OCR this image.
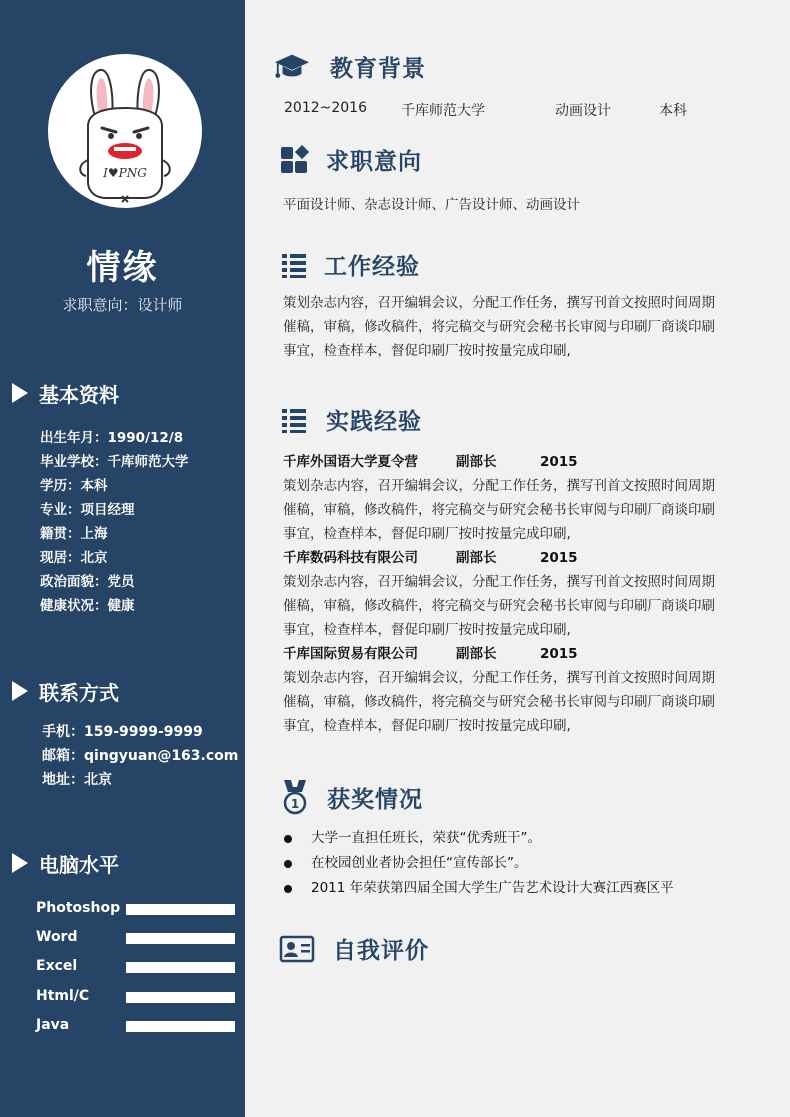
I♥PNG
情缘
求职意向：设计师
基本资料
出生年月：1990/12/8
毕业学校：千库师范大学
学历：本科
专业：项目经理
籍贯：上海
现居：北京
政治面貌：党员
健康状况：健康
联系方式
手机：159-9999-9999
邮箱：qingyuan@163.com
地址：北京
电脑水平
Photoshop
Word
Excel
Html/C
Java
教育背景
2012~2016 千库师范大学	动画设计	本科
求职意向
平面设计师、杂志设计师、广告设计师、动画设计
工作经验
策划杂志内容，召开编辑会议，分配工作任务，撰写刊首文按照时间周期
催稿，审稿，修改稿件，将完稿交与研究会秘书长审阅与印刷厂商谈印刷
事宜，检查样本，督促印刷厂按时按量完成印刷,
实践经验
千库外国语大学夏令营	副部长	2015
策划杂志内容，召开编辑会议，分配工作任务，撰写刊首文按照时间周期
催稿，审稿，修改稿件，将完稿交与研究会秘书长审阅与印刷厂商谈印刷
事宜，检查样本，督促印刷厂按时按量完成印刷,
千库数码科技有限公司	副部长	2015
策划杂志内容，召开编辑会议，分配工作任务，撰写刊首文按照时间周期
催稿，审稿，修改稿件，将完稿交与研究会秘书长审阅与印刷厂商谈印刷
事宜，检查样本，督促印刷厂按时按量完成印刷,
千库国际贸易有限公司	副部长	2015
策划杂志内容，召开编辑会议，分配工作任务，撰写刊首文按照时间周期
催稿，审稿，修改稿件，将完稿交与研究会秘书长审阅与印刷厂商谈印刷
事宜，检查样本，督促印刷厂按时按量完成印刷,
1 获奖情况
大学一直担任班长，荣获“优秀班干”。
在校园创业者协会担任“宣传部长”。
2011 年荣获第四届全国大学生广告艺术设计大赛江西赛区平
自我评价
